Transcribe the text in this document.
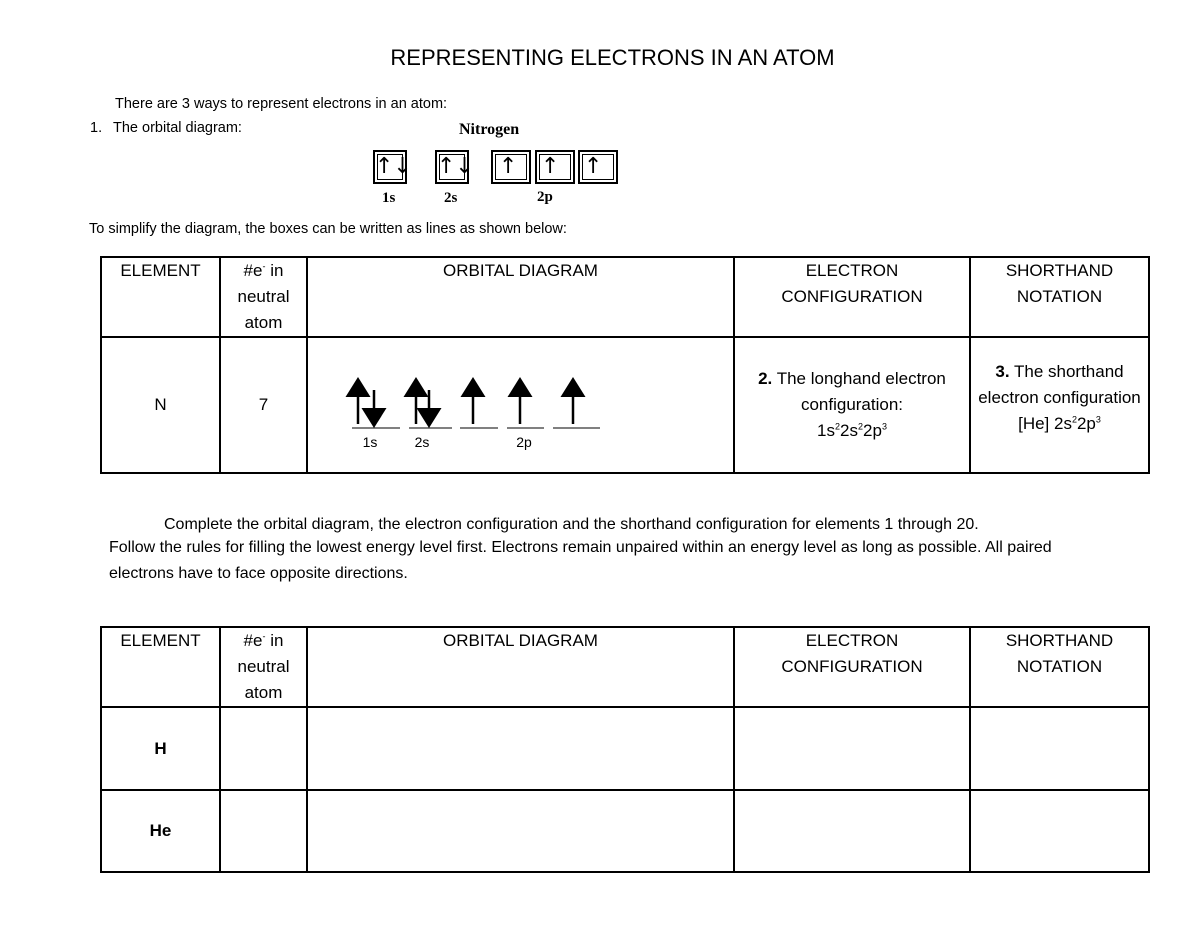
REPRESENTING ELECTRONS IN AN ATOM
There are 3 ways to represent electrons in an atom:
1. The orbital diagram:	Nitrogen
↑↓ ↑↓	↑	↑	↑
1s	2s	2p
To simplify the diagram, the boxes can be written as lines as shown below:
ELEMENT	#e- in
neutral
atom	ORBITAL DIAGRAM	ELECTRON
CONFIGURATION	SHORTHAND
NOTATION
N	7	1s 2s 2p	2. The longhand electron
configuration:
$1s^22s^22p^3$	3. The shorthand
electron configuration
[He] $2s^22p^3$
Complete the orbital diagram, the electron configuration and the shorthand configuration for elements 1 through 20.
Follow the rules for filling the lowest energy level first. Electrons remain unpaired within an energy level as long as possible. All paired
electrons have to face opposite directions.
ELEMENT	#e- in
neutral
atom	ORBITAL DIAGRAM	ELECTRON
CONFIGURATION	SHORTHAND
NOTATION
H				
He				
